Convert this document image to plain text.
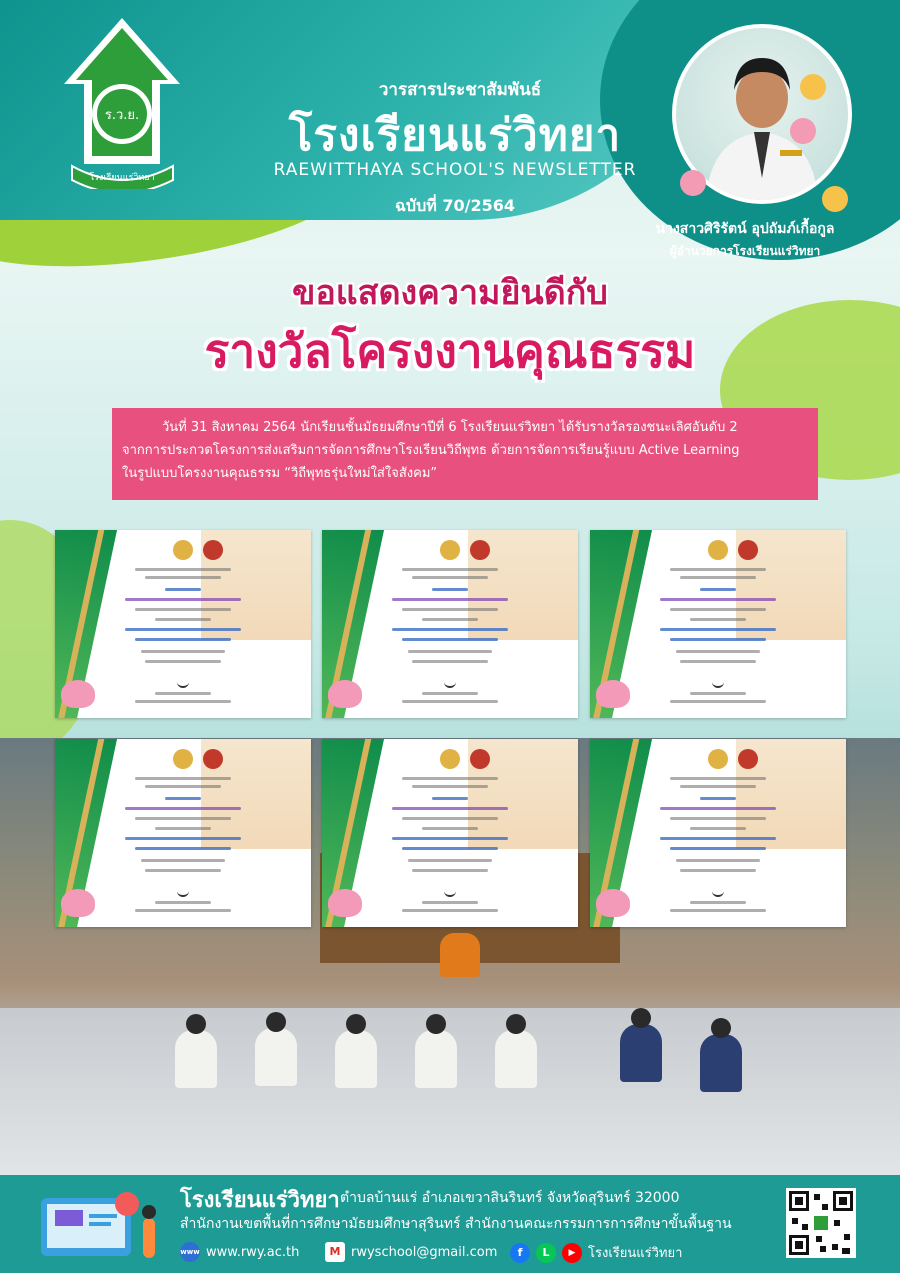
ร.ว.ย.
โรงเรียนแร่วิทยา
วารสารประชาสัมพันธ์
โรงเรียนแร่วิทยา
RAEWITTHAYA SCHOOL'S NEWSLETTER
ฉบับที่ 70/2564
นางสาวศิริรัตน์ อุปถัมภ์เกื้อกูล
ผู้อำนวยการโรงเรียนแร่วิทยา
ขอแสดงความยินดีกับ
รางวัลโครงงานคุณธรรม

วันที่ 31 สิงหาคม 2564 นักเรียนชั้นมัธยมศึกษาปีที่ 6 โรงเรียนแร่วิทยา ได้รับรางวัลรองชนะเลิศอันดับ 2

จากการประกวดโครงการส่งเสริมการจัดการศึกษาโรงเรียนวิถีพุทธ ด้วยการจัดการเรียนรู้แบบ Active Learning
ในรูปแบบโครงงานคุณธรรม “วิถีพุทธรุ่นใหม่ใส่ใจสังคม”
โรงเรียนแร่วิทยา ตำบลบ้านแร่ อำเภอเขวาสินรินทร์ จังหวัดสุรินทร์ 32000
สำนักงานเขตพื้นที่การศึกษามัธยมศึกษาสุรินทร์ สำนักงานคณะกรรมการการศึกษาขั้นพื้นฐาน
www www.rwy.ac.th	M rwyschool@gmail.com	f	L	▶ โรงเรียนแร่วิทยา
